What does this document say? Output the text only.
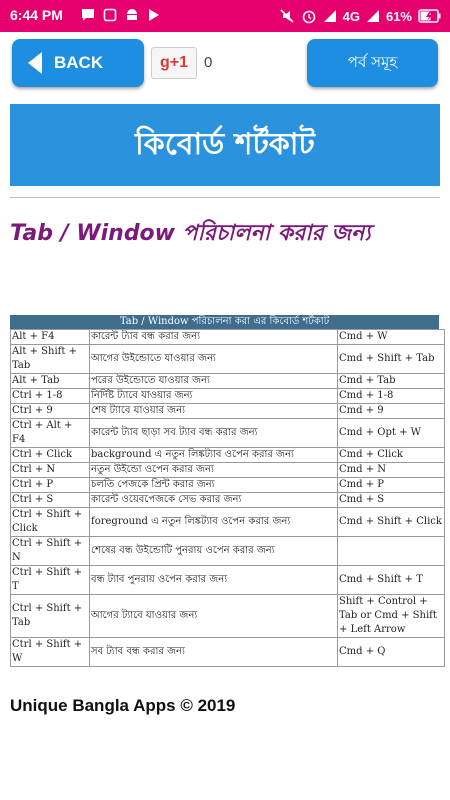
6:44 PM	4G 61%
BACK	g+1	0	পর্ব সমূহ
কিবোর্ড শর্টকাট
Tab / Window পরিচালনা করার জন্য
Tab / Window পরিচালনা করা এর কিবোর্ড শর্টকাট
Alt + F4	কারেন্ট ট্যাব বন্ধ করার জন্য	Cmd + W
Alt + Shift + Tab	আগের উইন্ডোতে যাওয়ার জন্য	Cmd + Shift + Tab
Alt + Tab	পরের উইন্ডোতে যাওয়ার জন্য	Cmd + Tab
Ctrl + 1-8	নির্দিষ্ট ট্যাবে যাওয়ার জন্য	Cmd + 1-8
Ctrl + 9	শেষ ট্যাবে যাওয়ার জন্য	Cmd + 9
Ctrl + Alt + F4	কারেন্ট ট্যাব ছাড়া সব ট্যাব বন্ধ করার জন্য	Cmd + Opt + W
Ctrl + Click	background এ নতুন লিঙ্কট্যাব ওপেন করার জন্য	Cmd + Click
Ctrl + N	নতুন উইন্ডো ওপেন করার জন্য	Cmd + N
Ctrl + P	চলতি পেজকে প্রিন্ট করার জন্য	Cmd + P
Ctrl + S	কারেন্ট ওয়েবপেজকে সেভ করার জন্য	Cmd + S
Ctrl + Shift + Click	foreground এ নতুন লিঙ্কট্যাব ওপেন করার জন্য	Cmd + Shift + Click
Ctrl + Shift + N	শেষের বন্ধ উইন্ডোটি পুনরায় ওপেন করার জন্য	
Ctrl + Shift + T	বন্ধ ট্যাব পুনরায় ওপেন করার জন্য	Cmd + Shift + T
Ctrl + Shift + Tab	আগের ট্যাবে যাওয়ার জন্য	Shift + Control + Tab or Cmd + Shift + Left Arrow
Ctrl + Shift + W	সব ট্যাব বন্ধ করার জন্য	Cmd + Q
Unique Bangla Apps © 2019
